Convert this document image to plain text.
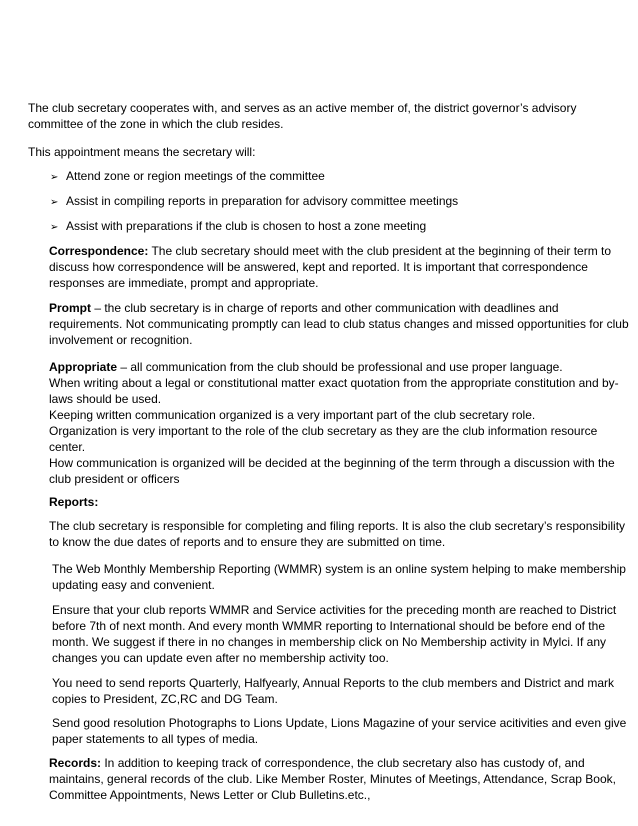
The club secretary cooperates with, and serves as an active member of, the district governor’s advisory committee of the zone in which the club resides.

This appointment means the secretary will:

➢ Attend zone or region meetings of the committee
➢ Assist in compiling reports in preparation for advisory committee meetings
➢ Assist with preparations if the club is chosen to host a zone meeting

Correspondence: The club secretary should meet with the club president at the beginning of their term to discuss how correspondence will be answered, kept and reported. It is important that correspondence responses are immediate, prompt and appropriate.

Prompt – the club secretary is in charge of reports and other communication with deadlines and requirements. Not communicating promptly can lead to club status changes and missed opportunities for club involvement or recognition.

Appropriate – all communication from the club should be professional and use proper language.
When writing about a legal or constitutional matter exact quotation from the appropriate constitution and by-laws should be used.
Keeping written communication organized is a very important part of the club secretary role.
Organization is very important to the role of the club secretary as they are the club information resource center.
How communication is organized will be decided at the beginning of the term through a discussion with the club president or officers

Reports:

The club secretary is responsible for completing and filing reports. It is also the club secretary’s responsibility to know the due dates of reports and to ensure they are submitted on time.

The Web Monthly Membership Reporting (WMMR) system is an online system helping to make membership updating easy and convenient.

Ensure that your club reports WMMR and Service activities for the preceding month are reached to District before 7th of next month. And every month WMMR reporting to International should be before end of the month. We suggest if there in no changes in membership click on No Membership activity in Mylci. If any changes you can update even after no membership activity too.

You need to send reports Quarterly, Halfyearly, Annual Reports to the club members and District and mark copies to President, ZC,RC and DG Team.

Send good resolution Photographs to Lions Update, Lions Magazine of your service acitivities and even give paper statements to all types of media.

Records: In addition to keeping track of correspondence, the club secretary also has custody of, and maintains, general records of the club. Like Member Roster, Minutes of Meetings, Attendance, Scrap Book, Committee Appointments, News Letter or Club Bulletins.etc.,
